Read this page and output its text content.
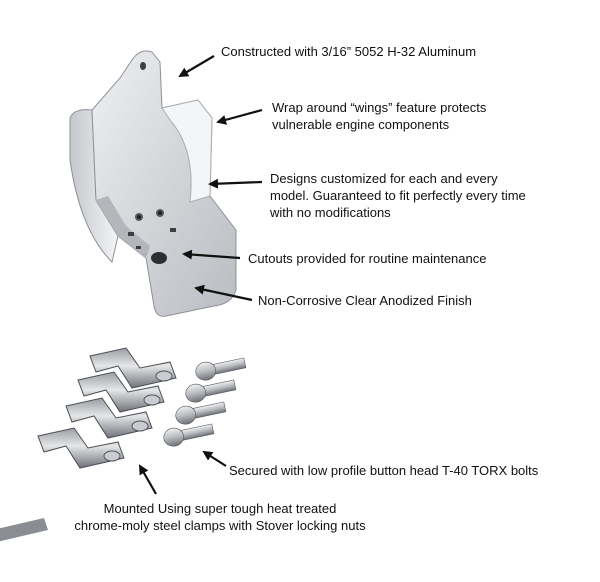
Constructed with 3/16” 5052 H-32 Aluminum
Wrap around “wings” feature protects
vulnerable engine components
Designs customized for each and every
model. Guaranteed to fit perfectly every time
with no modifications
Cutouts provided for routine maintenance
Non-Corrosive Clear Anodized Finish
Secured with low profile button head T-40 TORX bolts
Mounted Using super tough heat treated
chrome-moly steel clamps with Stover locking nuts
